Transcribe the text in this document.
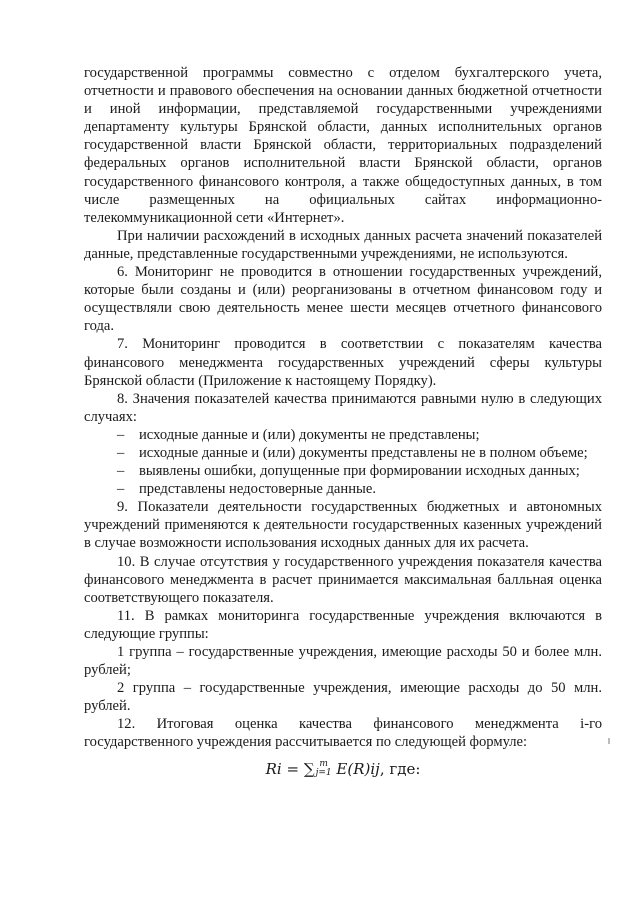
государственной программы совместно с отделом бухгалтерского учета, отчетности и правового обеспечения на основании данных бюджетной отчетности и иной информации, представляемой государственными учреждениями департаменту культуры Брянской области, данных исполнительных органов государственной власти Брянской области, территориальных подразделений федеральных органов исполнительной власти Брянской области, органов государственного финансового контроля, а также общедоступных данных, в том числе размещенных на официальных сайтах информационно-телекоммуникационной сети «Интернет».

При наличии расхождений в исходных данных расчета значений показателей данные, представленные государственными учреждениями, не используются.

6. Мониторинг не проводится в отношении государственных учреждений, которые были созданы и (или) реорганизованы в отчетном финансовом году и осуществляли свою деятельность менее шести месяцев отчетного финансового года.

7. Мониторинг проводится в соответствии с показателям качества финансового менеджмента государственных учреждений сферы культуры Брянской области (Приложение к настоящему Порядку).

8. Значения показателей качества принимаются равными нулю в следующих случаях:

– исходные данные и (или) документы не представлены;

– исходные данные и (или) документы представлены не в полном объеме;

– выявлены ошибки, допущенные при формировании исходных данных;

– представлены недостоверные данные.

9. Показатели деятельности государственных бюджетных и автономных учреждений применяются к деятельности государственных казенных учреждений в случае возможности использования исходных данных для их расчета.

10. В случае отсутствия у государственного учреждения показателя качества финансового менеджмента в расчет принимается максимальная балльная оценка соответствующего показателя.

11. В рамках мониторинга государственные учреждения включаются в следующие группы:

1 группа – государственные учреждения, имеющие расходы 50 и более млн. рублей;

2 группа – государственные учреждения, имеющие расходы до 50 млн. рублей.

12. Итоговая оценка качества финансового менеджмента i-го государственного учреждения рассчитывается по следующей формуле:

Ri = ∑ m
j=1 E(R)ij, где:
